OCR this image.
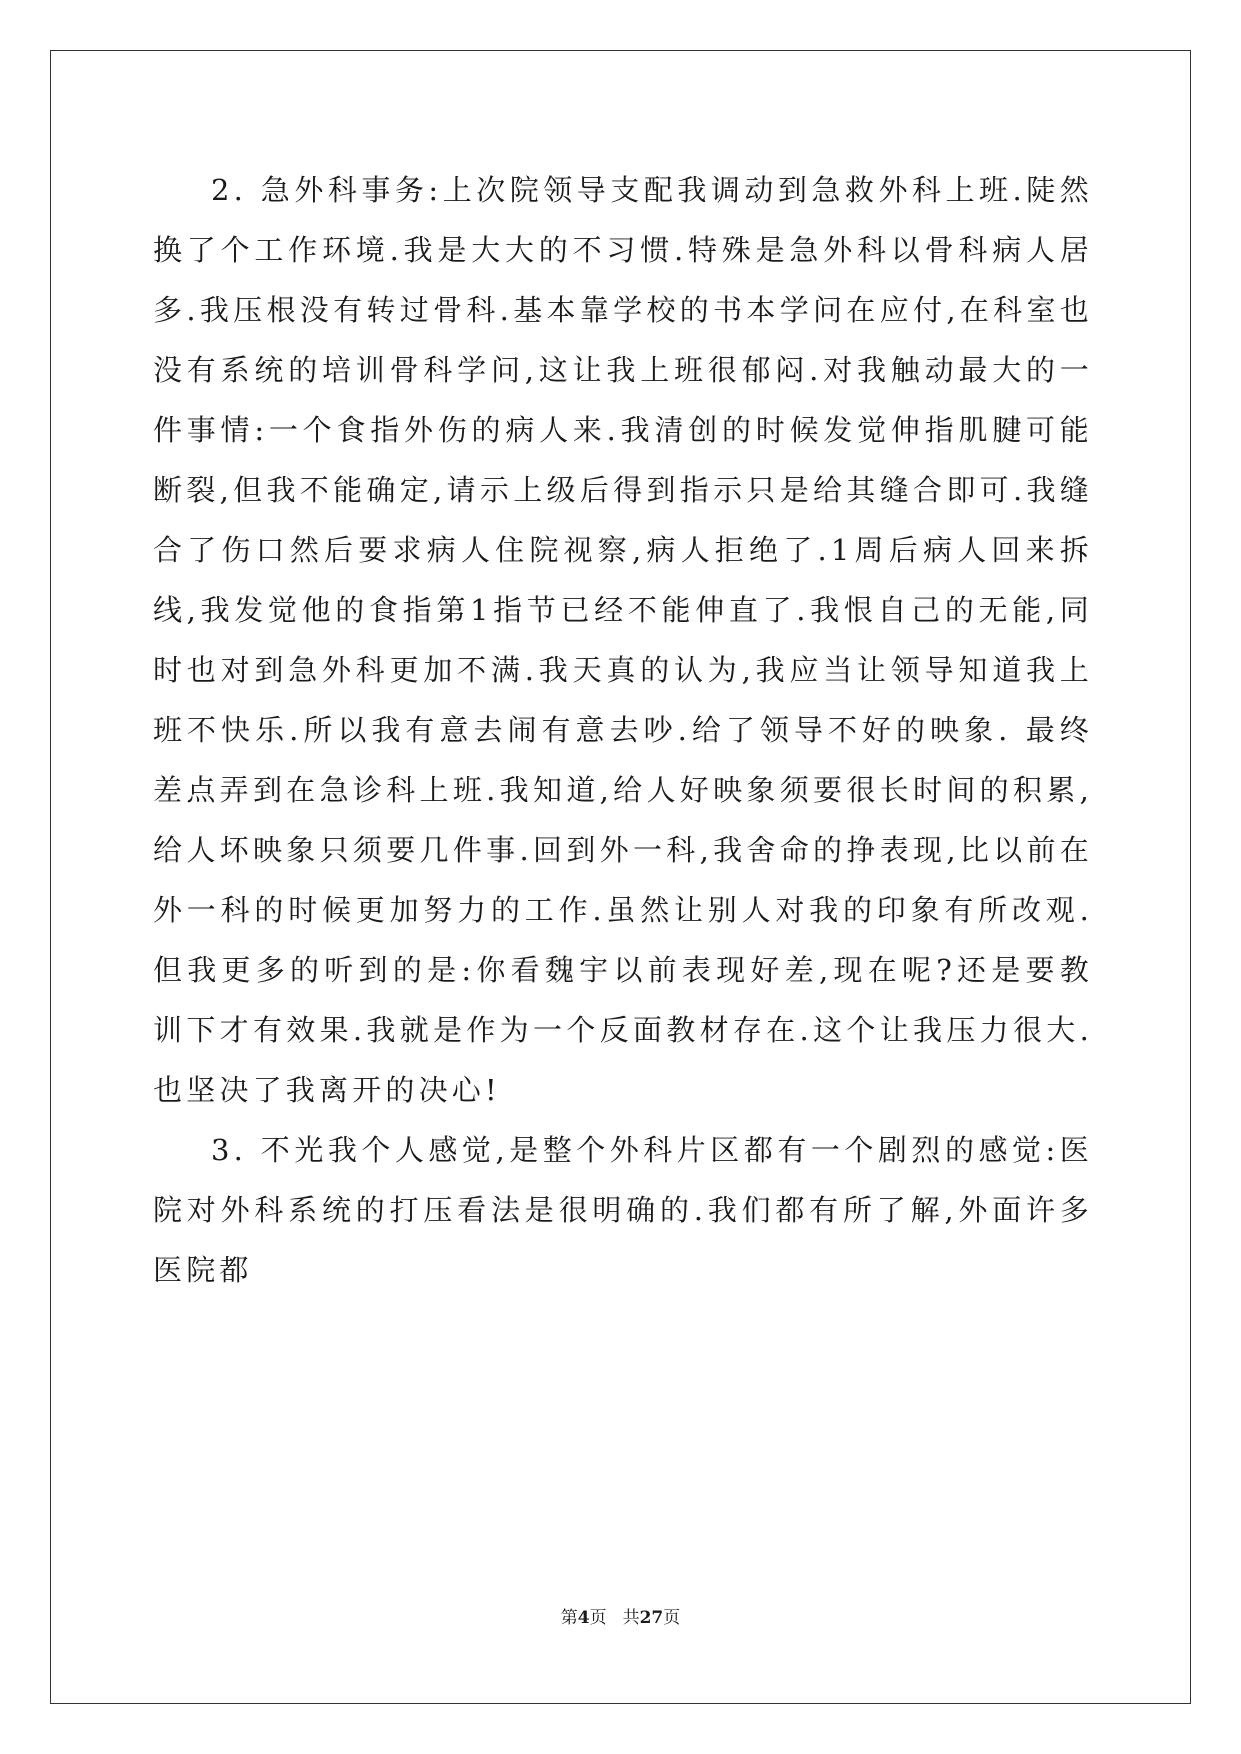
2. 急外科事务:上次院领导支配我调动到急救外科上班.陡然换了个工作环境.我是大大的不习惯.特殊是急外科以骨科病人居多.我压根没有转过骨科.基本靠学校的书本学问在应付,在科室也没有系统的培训骨科学问,这让我上班很郁闷.对我触动最大的一件事情:一个食指外伤的病人来.我清创的时候发觉伸指肌腱可能断裂,但我不能确定,请示上级后得到指示只是给其缝合即可.我缝合了伤口然后要求病人住院视察,病人拒绝了.1周后病人回来拆线,我发觉他的食指第1指节已经不能伸直了.我恨自己的无能,同时也对到急外科更加不满.我天真的认为,我应当让领导知道我上班不快乐.所以我有意去闹有意去吵.给了领导不好的映象. 最终差点弄到在急诊科上班.我知道,给人好映象须要很长时间的积累,给人坏映象只须要几件事.回到外一科,我舍命的挣表现,比以前在外一科的时候更加努力的工作.虽然让别人对我的印象有所改观.但我更多的听到的是:你看魏宇以前表现好差,现在呢?还是要教训下才有效果.我就是作为一个反面教材存在.这个让我压力很大.也坚决了我离开的决心!

3. 不光我个人感觉,是整个外科片区都有一个剧烈的感觉:医院对外科系统的打压看法是很明确的.我们都有所了解,外面许多医院都

第4页 共27页
